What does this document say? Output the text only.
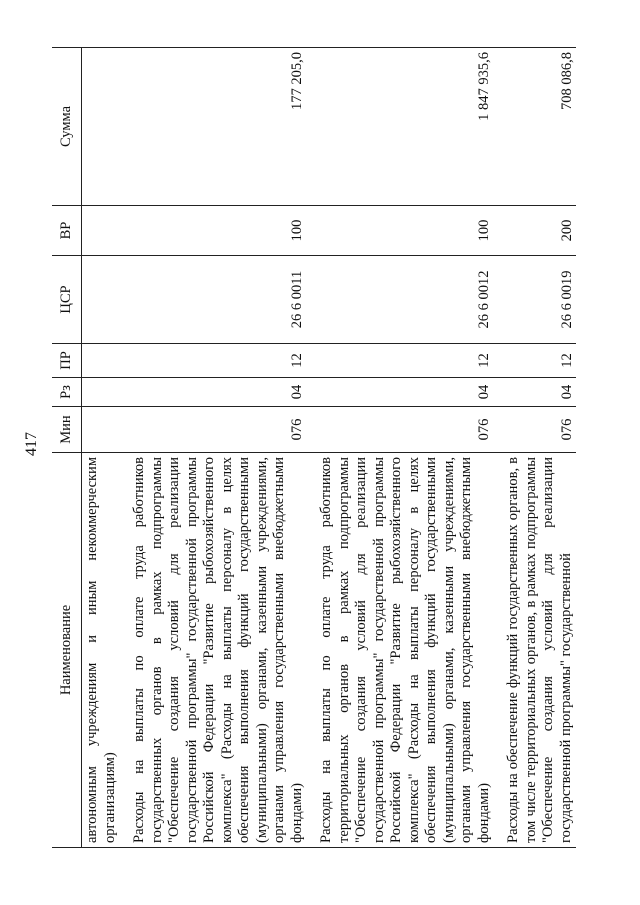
417
Наименование	Мин	Рз	ПР	ЦСР	ВР	Сумма
автономным учреждениям и иным некоммерческим организациям)						

Расходы на выплаты по оплате труда работников государственных органов в рамках подпрограммы "Обеспечение создания условий для реализации государственной программы" государственной программы Российской Федерации "Развитие рыбохозяйственного комплекса" (Расходы на выплаты персоналу в целях обеспечения выполнения функций государственными (муниципальными) органами, казенными учреждениями, органами управления государственными внебюджетными фондами)	076	04	12	26 6 0011	100	177 205,0

Расходы на выплаты по оплате труда работников территориальных органов в рамках подпрограммы "Обеспечение создания условий для реализации государственной программы" государственной программы Российской Федерации "Развитие рыбохозяйственного комплекса" (Расходы на выплаты персоналу в целях обеспечения выполнения функций государственными (муниципальными) органами, казенными учреждениями, органами управления государственными внебюджетными фондами)	076	04	12	26 6 0012	100	1 847 935,6

Расходы на обеспечение функций государственных органов, в том числе территориальных органов, в рамках подпрограммы "Обеспечение создания условий для реализации государственной программы" государственной	076	04	12	26 6 0019	200	708 086,8
